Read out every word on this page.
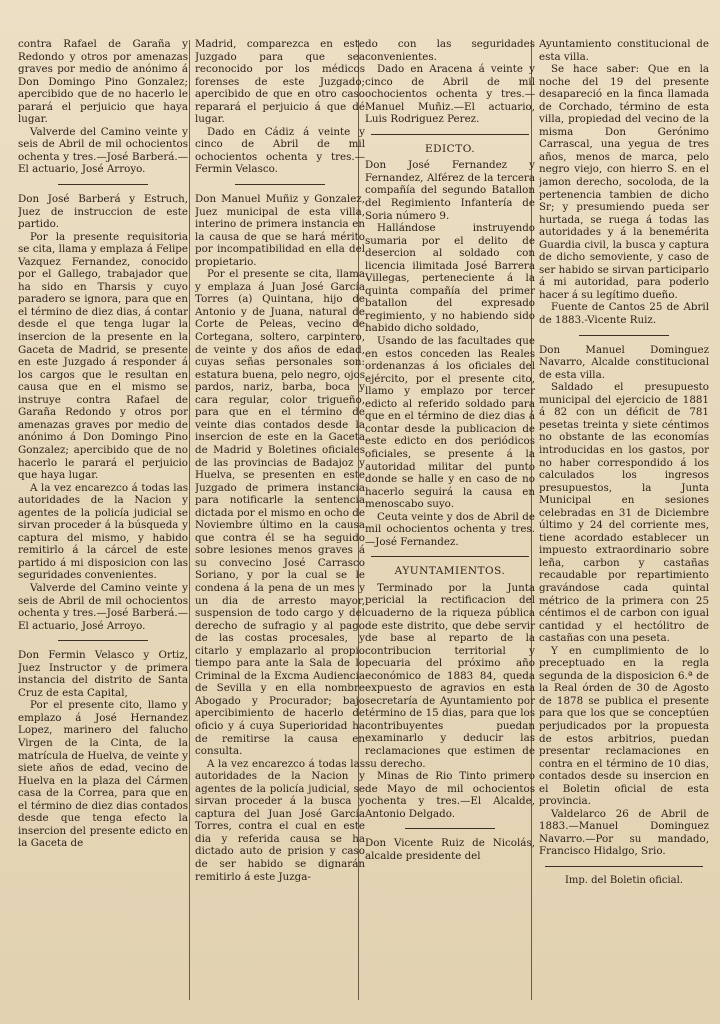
contra Rafael de Garaña y Redondo y otros por amenazas graves por medio de anónimo á Don Domingo Pino Gonzalez; apercibido que de no hacerlo le parará el perjuicio que haya lugar.

Valverde del Camino veinte y seis de Abril de mil ochocientos ochenta y tres.—José Barberá.—El actuario, José Arroyo.

Don José Barberá y Estruch, Juez de instruccion de este partido.

Por la presente requisitoria se cita, llama y emplaza á Felipe Vazquez Fernandez, conocido por el Gallego, trabajador que ha sido en Tharsis y cuyo paradero se ignora, para que en el término de diez dias, á contar desde el que tenga lugar la insercion de la presente en la Gaceta de Madrid, se presente en este Juzgado á responder á los cargos que le resultan en causa que en el mismo se instruye contra Rafael de Garaña Redondo y otros por amenazas graves por medio de anónimo á Don Domingo Pino Gonzalez; apercibido que de no hacerlo le parará el perjuicio que haya lugar.

A la vez encarezco á todas las autoridades de la Nacion y agentes de la policía judicial se sirvan proceder á la búsqueda y captura del mismo, y habido remitirlo á la cárcel de este partido á mi disposicion con las seguridades convenientes.

Valverde del Camino veinte y seis de Abril de mil ochocientos ochenta y tres.—José Barberá.—El actuario, José Arroyo.

Don Fermin Velasco y Ortiz, Juez Instructor y de primera instancia del distrito de Santa Cruz de esta Capital,

Por el presente cito, llamo y emplazo á José Hernandez Lopez, marinero del falucho Virgen de la Cinta, de la matrícula de Huelva, de veinte y siete años de edad, vecino de Huelva en la plaza del Cármen casa de la Correa, para que en el término de diez dias contados desde que tenga efecto la insercion del presente edicto en la Gaceta de

Madrid, comparezca en este Juzgado para que sea reconocido por los médicos forenses de este Juzgado; apercibido de que en otro caso reparará el perjuicio á que dé lugar.

Dado en Cádiz á veinte y cinco de Abril de mil ochocientos ochenta y tres.—Fermin Velasco.

Don Manuel Muñiz y Gonzalez, Juez municipal de esta villa, interino de primera instancia en la causa de que se hará mérito por incompatibilidad en ella del propietario.

Por el presente se cita, llama y emplaza á Juan José García Torres (a) Quintana, hijo de Antonio y de Juana, natural de Corte de Peleas, vecino de Cortegana, soltero, carpintero, de veinte y dos años de edad, cuyas señas personales son: estatura buena, pelo negro, ojos pardos, nariz, barba, boca y cara regular, color trigueño, para que en el término de veinte dias contados desde la insercion de este en la Gaceta de Madrid y Boletines oficiales de las provincias de Badajoz y Huelva, se presenten en este Juzgado de primera instancia para notificarle la sentencia dictada por el mismo en ocho de Noviembre último en la causa que contra él se ha seguido sobre lesiones menos graves á su convecino José Carrasco Soriano, y por la cual se le condena á la pena de un mes y un dia de arresto mayor, suspension de todo cargo y del derecho de sufragio y al pago de las costas procesales, y citarlo y emplazarlo al propio tiempo para ante la Sala de lo Criminal de la Excma Audiencia de Sevilla y en ella nombre Abogado y Procurador; bajo apercibimiento de hacerlo de oficio y á cuya Superioridad ha de remitirse la causa en consulta.

A la vez encarezco á todas las autoridades de la Nacion y agentes de la policía judicial, se sirvan proceder á la busca y captura del Juan José García Torres, contra el cual en este dia y referida causa se ha dictado auto de prision y caso de ser habido se dignarán remitirlo á este Juzga-

do con las seguridades convenientes.

Dado en Aracena á veinte y cinco de Abril de mil ochocientos ochenta y tres.—Manuel Muñiz.—El actuario, Luis Rodriguez Perez.

EDICTO.

Don José Fernandez y Fernandez, Alférez de la tercera compañía del segundo Batallon del Regimiento Infantería de Soria número 9.

Hallándose instruyendo sumaria por el delito de desercion al soldado con licencia ilimitada José Barrera Villegas, perteneciente á la quinta compañía del primer batallon del expresado regimiento, y no habiendo sido habido dicho soldado,

Usando de las facultades que en estos conceden las Reales ordenanzas á los oficiales del ejército, por el presente cito, llamo y emplazo por tercer edicto al referido soldado para que en el término de diez dias á contar desde la publicacion de este edicto en dos periódicos oficiales, se presente á la autoridad militar del punto donde se halle y en caso de no hacerlo seguirá la causa en menoscabo suyo.

Ceuta veinte y dos de Abril de mil ochocientos ochenta y tres.—José Fernandez.

AYUNTAMIENTOS.

Terminado por la Junta pericial la rectificacion del cuaderno de la riqueza pública de este distrito, que debe servir de base al reparto de la contribucion territorial y pecuaria del próximo año económico de 1883 84, queda expuesto de agravios en esta secretaría de Ayuntamiento por término de 15 dias, para que los contribuyentes puedan examinarlo y deducir las reclamaciones que estimen de su derecho.

Minas de Rio Tinto primero de Mayo de mil ochocientos ochenta y tres.—El Alcalde, Antonio Delgado.

Don Vicente Ruiz de Nicolás, alcalde presidente del

Ayuntamiento constitucional de esta villa.

Se hace saber: Que en la noche del 19 del presente desapareció en la finca llamada de Corchado, término de esta villa, propiedad del vecino de la misma Don Gerónimo Carrascal, una yegua de tres años, menos de marca, pelo negro viejo, con hierro S. en el jamon derecho, socoloda, de la pertenencia tambien de dicho Sr; y presumiendo pueda ser hurtada, se ruega á todas las autoridades y á la benemérita Guardia civil, la busca y captura de dicho semoviente, y caso de ser habido se sirvan participarlo á mi autoridad, para poderlo hacer á su legítimo dueño.

Fuente de Cantos 25 de Abril de 1883.-Vicente Ruiz.

Don Manuel Dominguez Navarro, Alcalde constitucional de esta villa.

Saldado el presupuesto municipal del ejercicio de 1881 á 82 con un déficit de 781 pesetas treinta y siete céntimos no obstante de las economías introducidas en los gastos, por no haber correspondido á los calculados los ingresos presupuestos, la Junta Municipal en sesiones celebradas en 31 de Diciembre último y 24 del corriente mes, tiene acordado establecer un impuesto extraordinario sobre leña, carbon y castañas recaudable por repartimiento gravándose cada quintal métrico de la primera con 25 céntimos el de carbon con igual cantidad y el hectólitro de castañas con una peseta.

Y en cumplimiento de lo preceptuado en la regla segunda de la disposicion 6.ª de la Real órden de 30 de Agosto de 1878 se publica el presente para que los que se conceptúen perjudicados por la propuesta de estos arbitrios, puedan presentar reclamaciones en contra en el término de 10 dias, contados desde su insercion en el Boletin oficial de esta provincia.

Valdelarco 26 de Abril de 1883.—Manuel Dominguez Navarro.—Por su mandado, Francisco Hidalgo, Srio.

Imp. del Boletin oficial.
